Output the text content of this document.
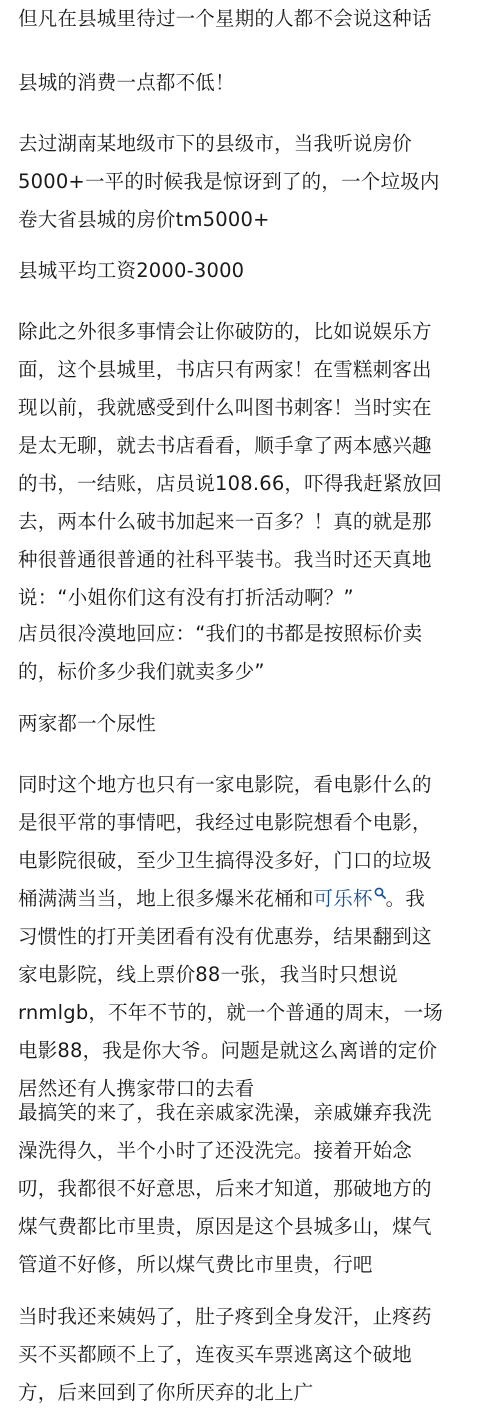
但凡在县城里待过一个星期的人都不会说这种话

县城的消费一点都不低！

去过湖南某地级市下的县级市，当我听说房价
5000+一平的时候我是惊讶到了的，一个垃圾内
卷大省县城的房价tm5000+

县城平均工资2000-3000

除此之外很多事情会让你破防的，比如说娱乐方
面，这个县城里，书店只有两家！在雪糕刺客出
现以前，我就感受到什么叫图书刺客！当时实在
是太无聊，就去书店看看，顺手拿了两本感兴趣
的书，一结账，店员说108.66，吓得我赶紧放回
去，两本什么破书加起来一百多？！真的就是那
种很普通很普通的社科平装书。我当时还天真地
说：“小姐你们这有没有打折活动啊？”

店员很冷漠地回应：“我们的书都是按照标价卖
的，标价多少我们就卖多少”

两家都一个尿性

同时这个地方也只有一家电影院，看电影什么的
是很平常的事情吧，我经过电影院想看个电影，
电影院很破，至少卫生搞得没多好，门口的垃圾
桶满满当当，地上很多爆米花桶和可乐杯 。我
习惯性的打开美团看有没有优惠券，结果翻到这
家电影院，线上票价88一张，我当时只想说
rnmlgb，不年不节的，就一个普通的周末，一场
电影88，我是你大爷。问题是就这么离谱的定价
居然还有人携家带口的去看

最搞笑的来了，我在亲戚家洗澡，亲戚嫌弃我洗
澡洗得久，半个小时了还没洗完。接着开始念
叨，我都很不好意思，后来才知道，那破地方的
煤气费都比市里贵，原因是这个县城多山，煤气
管道不好修，所以煤气费比市里贵，行吧

当时我还来姨妈了，肚子疼到全身发汗，止疼药
买不买都顾不上了，连夜买车票逃离这个破地
方，后来回到了你所厌弃的北上广
